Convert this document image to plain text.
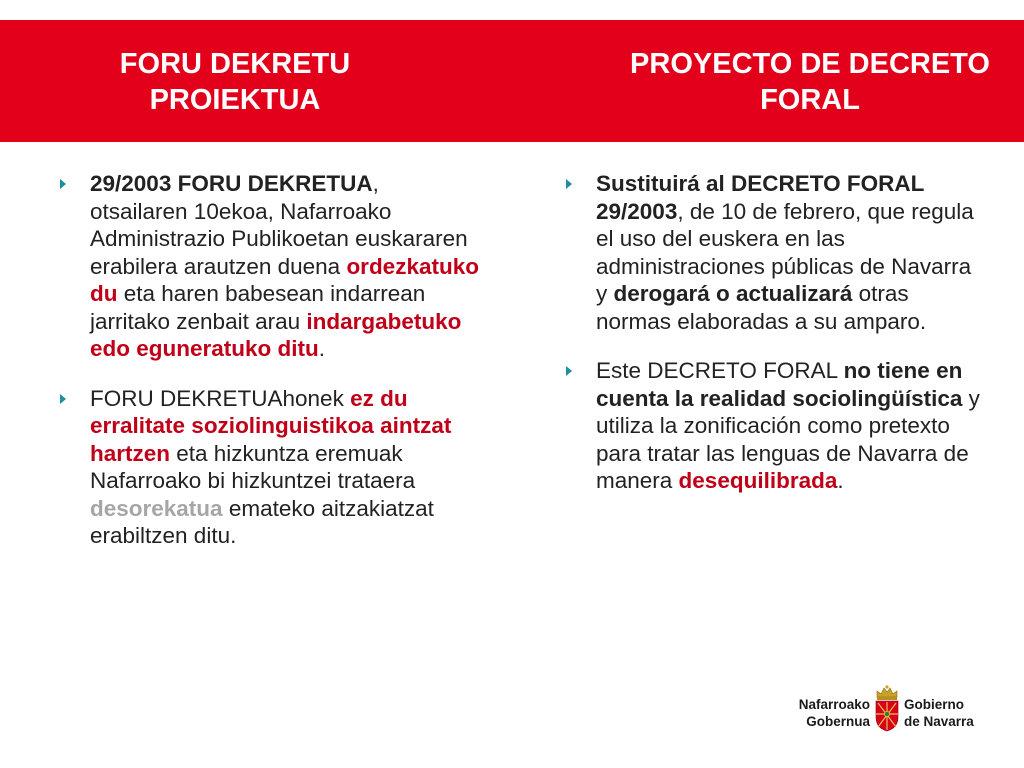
FORU DEKRETU
PROIEKTUA
PROYECTO DE DECRETO
FORAL
29/2003 FORU DEKRETUA, otsailaren 10ekoa, Nafarroako Administrazio Publikoetan euskararen erabilera arautzen duena ordezkatuko du eta haren babesean indarrean jarritako zenbait arau indargabetuko edo eguneratuko ditu.
FORU DEKRETUAhonek ez du erralitate soziolinguistikoa aintzat hartzen eta hizkuntza eremuak Nafarroako bi hizkuntzei trataera desorekatua emateko aitzakiatzat erabiltzen ditu.
Sustituirá al DECRETO FORAL 29/2003, de 10 de febrero, que regula el uso del euskera en las administraciones públicas de Navarra y derogará o actualizará otras normas elaboradas a su amparo.
Este DECRETO FORAL no tiene en cuenta la realidad sociolingüística y utiliza la zonificación como pretexto para tratar las lenguas de Navarra de manera desequilibrada.
Nafarroako
Gobernua
Gobierno
de Navarra
